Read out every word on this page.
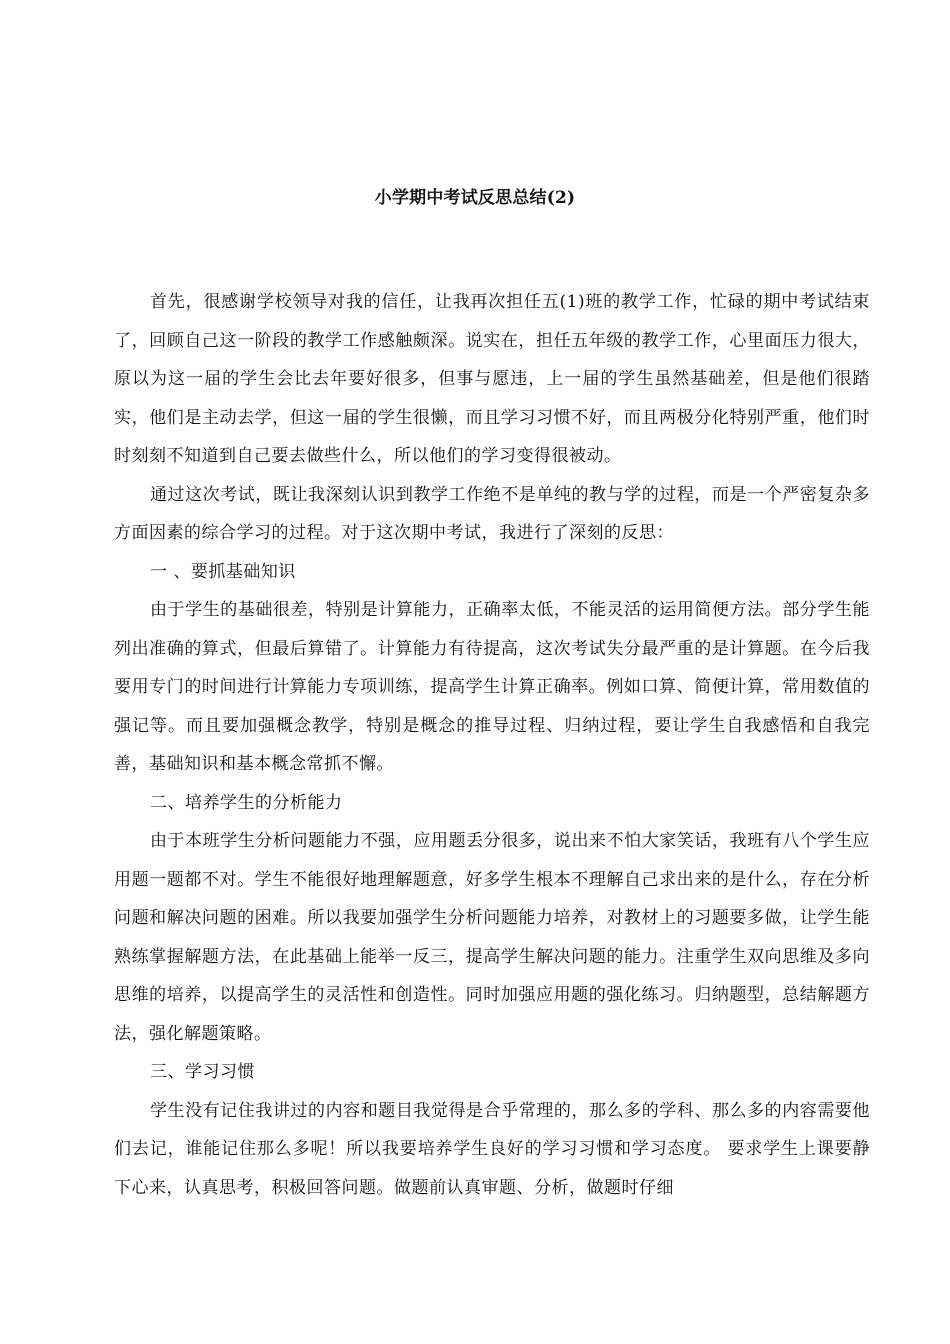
小学期中考试反思总结(2)

首先，很感谢学校领导对我的信任，让我再次担任五(1)班的教学工作，忙碌的期中考试结束了，回顾自己这一阶段的教学工作感触颇深。说实在，担任五年级的教学工作，心里面压力很大，原以为这一届的学生会比去年要好很多，但事与愿违，上一届的学生虽然基础差，但是他们很踏实，他们是主动去学，但这一届的学生很懒，而且学习习惯不好，而且两极分化特别严重，他们时时刻刻不知道到自己要去做些什么，所以他们的学习变得很被动。

通过这次考试，既让我深刻认识到教学工作绝不是单纯的教与学的过程，而是一个严密复杂多方面因素的综合学习的过程。对于这次期中考试，我进行了深刻的反思：

一 、要抓基础知识

由于学生的基础很差，特别是计算能力，正确率太低，不能灵活的运用简便方法。部分学生能列出准确的算式，但最后算错了。计算能力有待提高，这次考试失分最严重的是计算题。在今后我要用专门的时间进行计算能力专项训练，提高学生计算正确率。例如口算、简便计算，常用数值的强记等。而且要加强概念教学，特别是概念的推导过程、归纳过程，要让学生自我感悟和自我完善，基础知识和基本概念常抓不懈。

二、培养学生的分析能力

由于本班学生分析问题能力不强，应用题丢分很多，说出来不怕大家笑话，我班有八个学生应用题一题都不对。学生不能很好地理解题意，好多学生根本不理解自己求出来的是什么，存在分析问题和解决问题的困难。所以我要加强学生分析问题能力培养，对教材上的习题要多做，让学生能熟练掌握解题方法，在此基础上能举一反三，提高学生解决问题的能力。注重学生双向思维及多向思维的培养，以提高学生的灵活性和创造性。同时加强应用题的强化练习。归纳题型，总结解题方法，强化解题策略。

三、学习习惯

学生没有记住我讲过的内容和题目我觉得是合乎常理的，那么多的学科、那么多的内容需要他们去记，谁能记住那么多呢！所以我要培养学生良好的学习习惯和学习态度。 要求学生上课要静下心来，认真思考，积极回答问题。做题前认真审题、分析，做题时仔细
